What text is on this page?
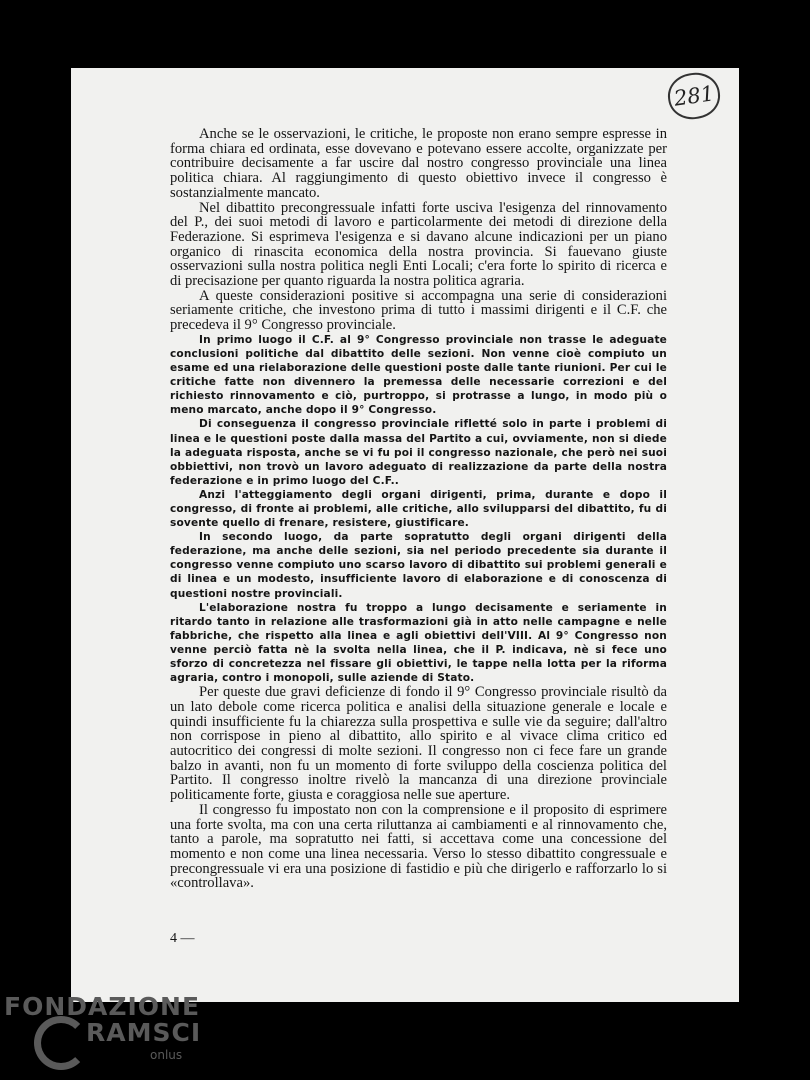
281

Anche se le osservazioni, le critiche, le proposte non erano sempre espresse in forma chiara ed ordinata, esse dovevano e potevano essere accolte, organizzate per contribuire decisamente a far uscire dal nostro congresso provinciale una linea politica chiara. Al raggiungimento di questo obiettivo invece il congresso è sostanzialmente mancato.

Nel dibattito precongressuale infatti forte usciva l'esigenza del rinnovamento del P., dei suoi metodi di lavoro e particolarmente dei metodi di direzione della Federazione. Si esprimeva l'esigenza e si davano alcune indicazioni per un piano organico di rinascita economica della nostra provincia. Si fauevano giuste osservazioni sulla nostra politica negli Enti Locali; c'era forte lo spirito di ricerca e di precisazione per quanto riguarda la nostra politica agraria.

A queste considerazioni positive si accompagna una serie di considerazioni seriamente critiche, che investono prima di tutto i massimi dirigenti e il C.F. che precedeva il 9° Congresso provinciale.

In primo luogo il C.F. al 9° Congresso provinciale non trasse le adeguate conclusioni politiche dal dibattito delle sezioni. Non venne cioè compiuto un esame ed una rielaborazione delle questioni poste dalle tante riunioni. Per cui le critiche fatte non divennero la premessa delle necessarie correzioni e del richiesto rinnovamento e ciò, purtroppo, si protrasse a lungo, in modo più o meno marcato, anche dopo il 9° Congresso.

Di conseguenza il congresso provinciale rifletté solo in parte i problemi di linea e le questioni poste dalla massa del Partito a cui, ovviamente, non si diede la adeguata risposta, anche se vi fu poi il congresso nazionale, che però nei suoi obbiettivi, non trovò un lavoro adeguato di realizzazione da parte della nostra federazione e in primo luogo del C.F..

Anzi l'atteggiamento degli organi dirigenti, prima, durante e dopo il congresso, di fronte ai problemi, alle critiche, allo svilupparsi del dibattito, fu di sovente quello di frenare, resistere, giustificare.

In secondo luogo, da parte sopratutto degli organi dirigenti della federazione, ma anche delle sezioni, sia nel periodo precedente sia durante il congresso venne compiuto uno scarso lavoro di dibattito sui problemi generali e di linea e un modesto, insufficiente lavoro di elaborazione e di conoscenza di questioni nostre provinciali.

L'elaborazione nostra fu troppo a lungo decisamente e seriamente in ritardo tanto in relazione alle trasformazioni già in atto nelle campagne e nelle fabbriche, che rispetto alla linea e agli obiettivi dell'VIII. Al 9° Congresso non venne perciò fatta nè la svolta nella linea, che il P. indicava, nè si fece uno sforzo di concretezza nel fissare gli obiettivi, le tappe nella lotta per la riforma agraria, contro i monopoli, sulle aziende di Stato.

Per queste due gravi deficienze di fondo il 9° Congresso provinciale risultò da un lato debole come ricerca politica e analisi della situazione generale e locale e quindi insufficiente fu la chiarezza sulla prospettiva e sulle vie da seguire; dall'altro non corrispose in pieno al dibattito, allo spirito e al vivace clima critico ed autocritico dei congressi di molte sezioni. Il congresso non ci fece fare un grande balzo in avanti, non fu un momento di forte sviluppo della coscienza politica del Partito. Il congresso inoltre rivelò la mancanza di una direzione provinciale politicamente forte, giusta e coraggiosa nelle sue aperture.

Il congresso fu impostato non con la comprensione e il proposito di esprimere una forte svolta, ma con una certa riluttanza ai cambiamenti e al rinnovamento che, tanto a parole, ma sopratutto nei fatti, si accettava come una concessione del momento e non come una linea necessaria. Verso lo stesso dibattito congressuale e precongressuale vi era una posizione di fastidio e più che dirigerlo e rafforzarlo lo si «controllava».

4 —
FONDAZIONE
RAMSCI
onlus
